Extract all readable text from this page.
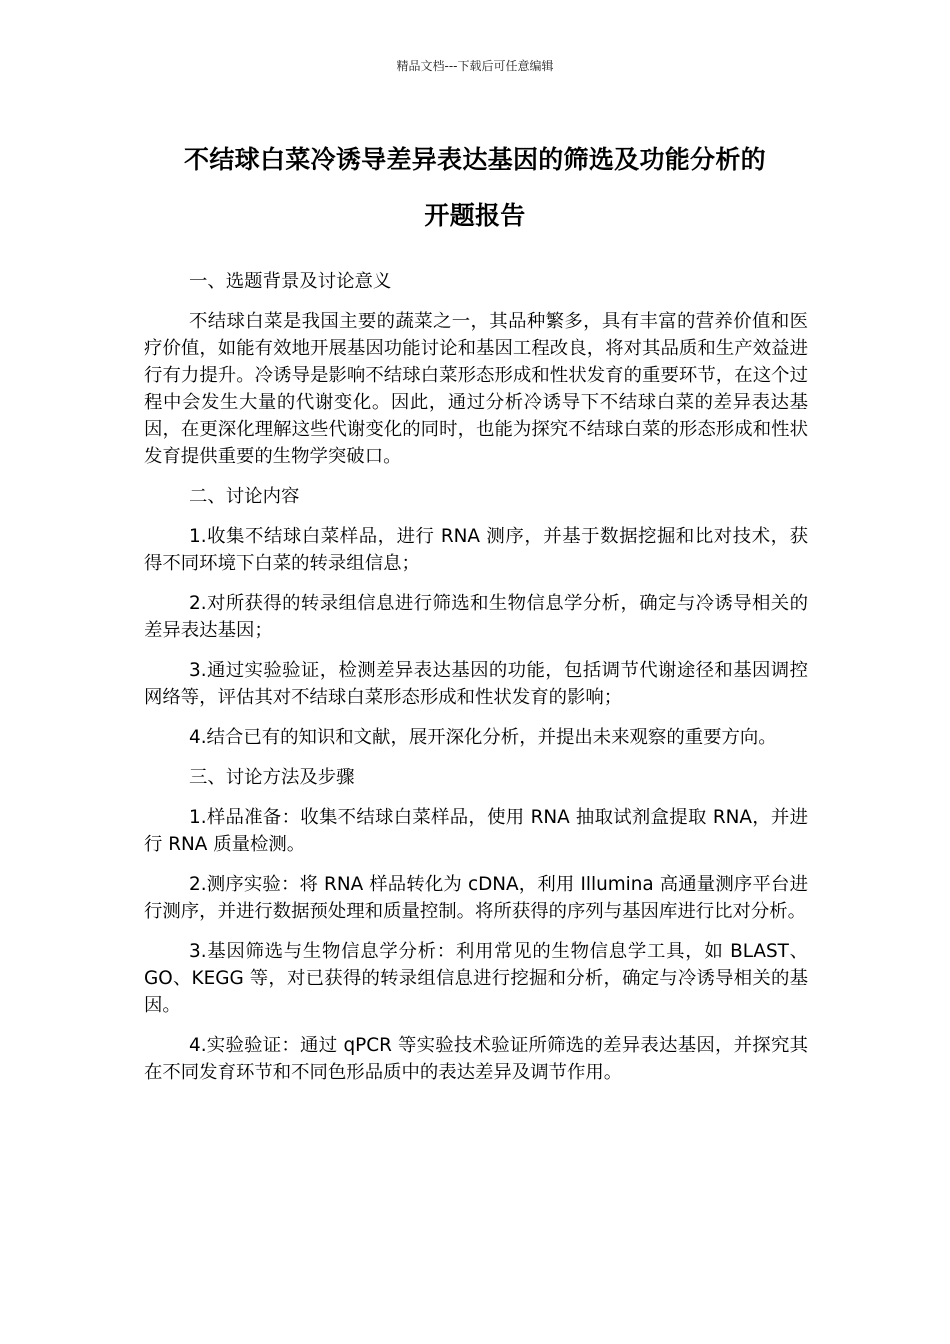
精品文档---下载后可任意编辑
不结球白菜冷诱导差异表达基因的筛选及功能分析的
开题报告
一、选题背景及讨论意义
不结球白菜是我国主要的蔬菜之一，其品种繁多，具有丰富的营养价值和医疗价值，如能有效地开展基因功能讨论和基因工程改良，将对其品质和生产效益进行有力提升。冷诱导是影响不结球白菜形态形成和性状发育的重要环节，在这个过程中会发生大量的代谢变化。因此，通过分析冷诱导下不结球白菜的差异表达基因，在更深化理解这些代谢变化的同时，也能为探究不结球白菜的形态形成和性状发育提供重要的生物学突破口。
二、讨论内容
1.收集不结球白菜样品，进行 RNA 测序，并基于数据挖掘和比对技术，获得不同环境下白菜的转录组信息；
2.对所获得的转录组信息进行筛选和生物信息学分析，确定与冷诱导相关的差异表达基因；
3.通过实验验证，检测差异表达基因的功能，包括调节代谢途径和基因调控网络等，评估其对不结球白菜形态形成和性状发育的影响；
4.结合已有的知识和文献，展开深化分析，并提出未来观察的重要方向。
三、讨论方法及步骤
1.样品准备：收集不结球白菜样品，使用 RNA 抽取试剂盒提取 RNA，并进行 RNA 质量检测。
2.测序实验：将 RNA 样品转化为 cDNA，利用 Illumina 高通量测序平台进行测序，并进行数据预处理和质量控制。将所获得的序列与基因库进行比对分析。
3.基因筛选与生物信息学分析：利用常见的生物信息学工具，如 BLAST、GO、KEGG 等，对已获得的转录组信息进行挖掘和分析，确定与冷诱导相关的基因。
4.实验验证：通过 qPCR 等实验技术验证所筛选的差异表达基因，并探究其在不同发育环节和不同色形品质中的表达差异及调节作用。
